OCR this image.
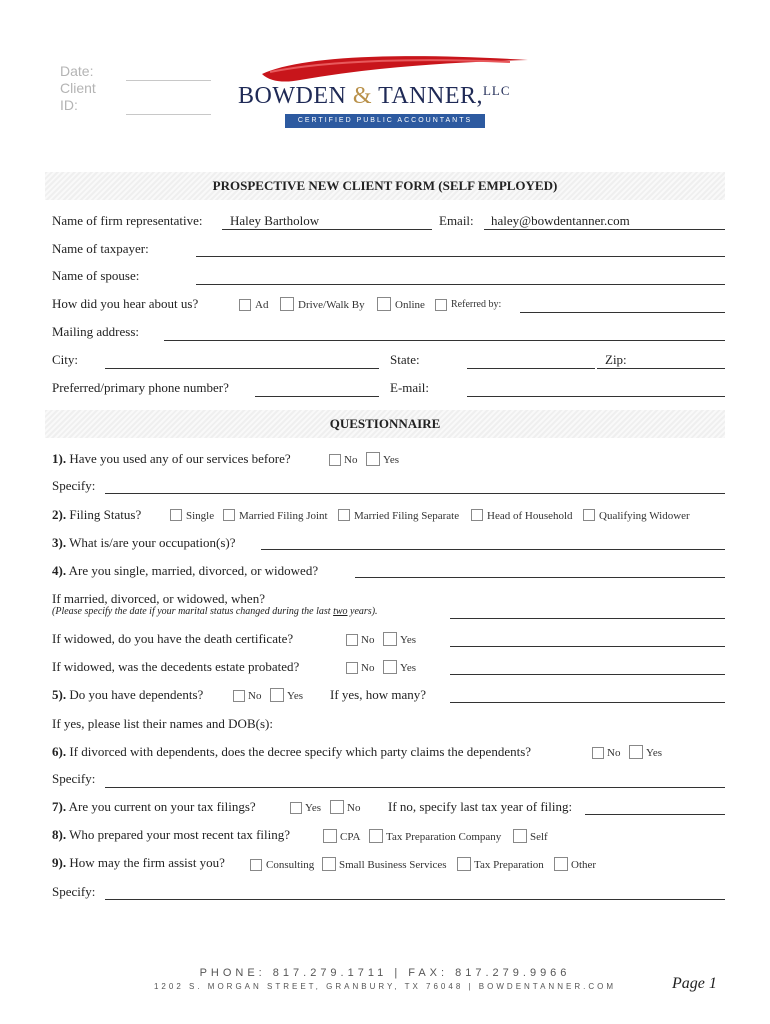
Date:
Client
ID:	BOWDEN & TANNER,$^{LLC}$
CERTIFIED PUBLIC ACCOUNTANTS
PROSPECTIVE NEW CLIENT FORM (SELF EMPLOYED)
Name of firm representative: Haley Bartholow	Email: haley@bowdentanner.com
Name of taxpayer:
Name of spouse:
How did you hear about us?	Ad	Drive/Walk By	Online	Referred by:
Mailing address:
City:	State:	Zip:
Preferred/primary phone number?	E-mail:
QUESTIONNAIRE
1). Have you used any of our services before?	No Yes
Specify:
2). Filing Status?	Single Married Filing Joint Married Filing Separate	Head of Household Qualifying Widower
3). What is/are your occupation(s)?
4). Are you single, married, divorced, or widowed?
If married, divorced, or widowed, when?
(Please specify the date if your marital status changed during the last two years).
If widowed, do you have the death certificate?	No Yes
If widowed, was the decedents estate probated?	No Yes
5). Do you have dependents?	No Yes If yes, how many?
If yes, please list their names and DOB(s):
6). If divorced with dependents, does the decree specify which party claims the dependents?	No Yes
Specify:
7). Are you current on your tax filings?	Yes No If no, specify last tax year of filing:
8). Who prepared your most recent tax filing?	CPA Tax Preparation Company	Self
9). How may the firm assist you?	Consulting Small Business Services Tax Preparation Other
Specify:
PHONE: 817.279.1711 | FAX: 817.279.9966
1202 S. MORGAN STREET, GRANBURY, TX 76048 | BOWDENTANNER.COM	Page 1
